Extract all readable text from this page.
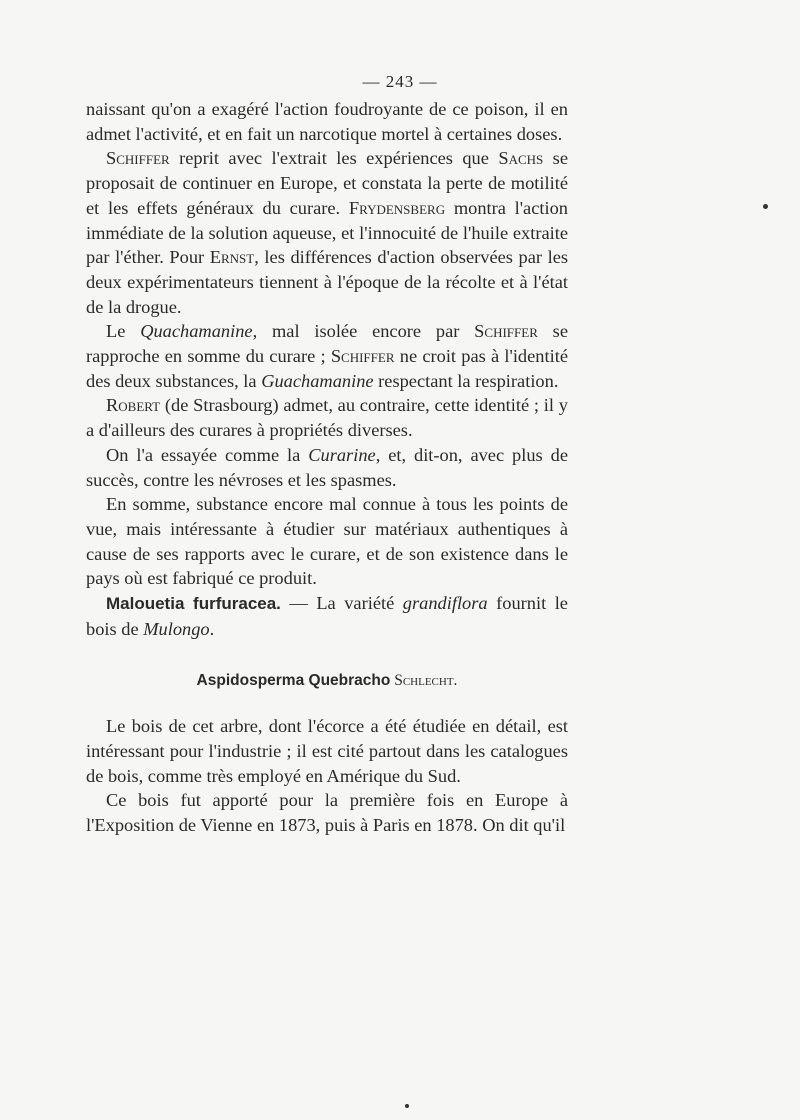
— 243 —

naissant qu'on a exagéré l'action foudroyante de ce poison, il en admet l'activité, et en fait un narcotique mortel à certaines doses.

Schiffer reprit avec l'extrait les expériences que Sachs se proposait de continuer en Europe, et constata la perte de motilité et les effets généraux du curare. Frydensberg montra l'action immédiate de la solution aqueuse, et l'innocuité de l'huile extraite par l'éther. Pour Ernst, les différences d'action observées par les deux expérimentateurs tiennent à l'époque de la récolte et à l'état de la drogue.

Le Quachamanine, mal isolée encore par Schiffer se rapproche en somme du curare ; Schiffer ne croit pas à l'identité des deux substances, la Guachamanine respectant la respiration.

Robert (de Strasbourg) admet, au contraire, cette identité ; il y a d'ailleurs des curares à propriétés diverses.

On l'a essayée comme la Curarine, et, dit-on, avec plus de succès, contre les névroses et les spasmes.

En somme, substance encore mal connue à tous les points de vue, mais intéressante à étudier sur matériaux authentiques à cause de ses rapports avec le curare, et de son existence dans le pays où est fabriqué ce produit.

Malouetia furfuracea. — La variété grandiflora fournit le bois de Mulongo.

Aspidosperma Quebracho Schlecht.

Le bois de cet arbre, dont l'écorce a été étudiée en détail, est intéressant pour l'industrie ; il est cité partout dans les catalogues de bois, comme très employé en Amérique du Sud.

Ce bois fut apporté pour la première fois en Europe à l'Exposition de Vienne en 1873, puis à Paris en 1878. On dit qu'il
